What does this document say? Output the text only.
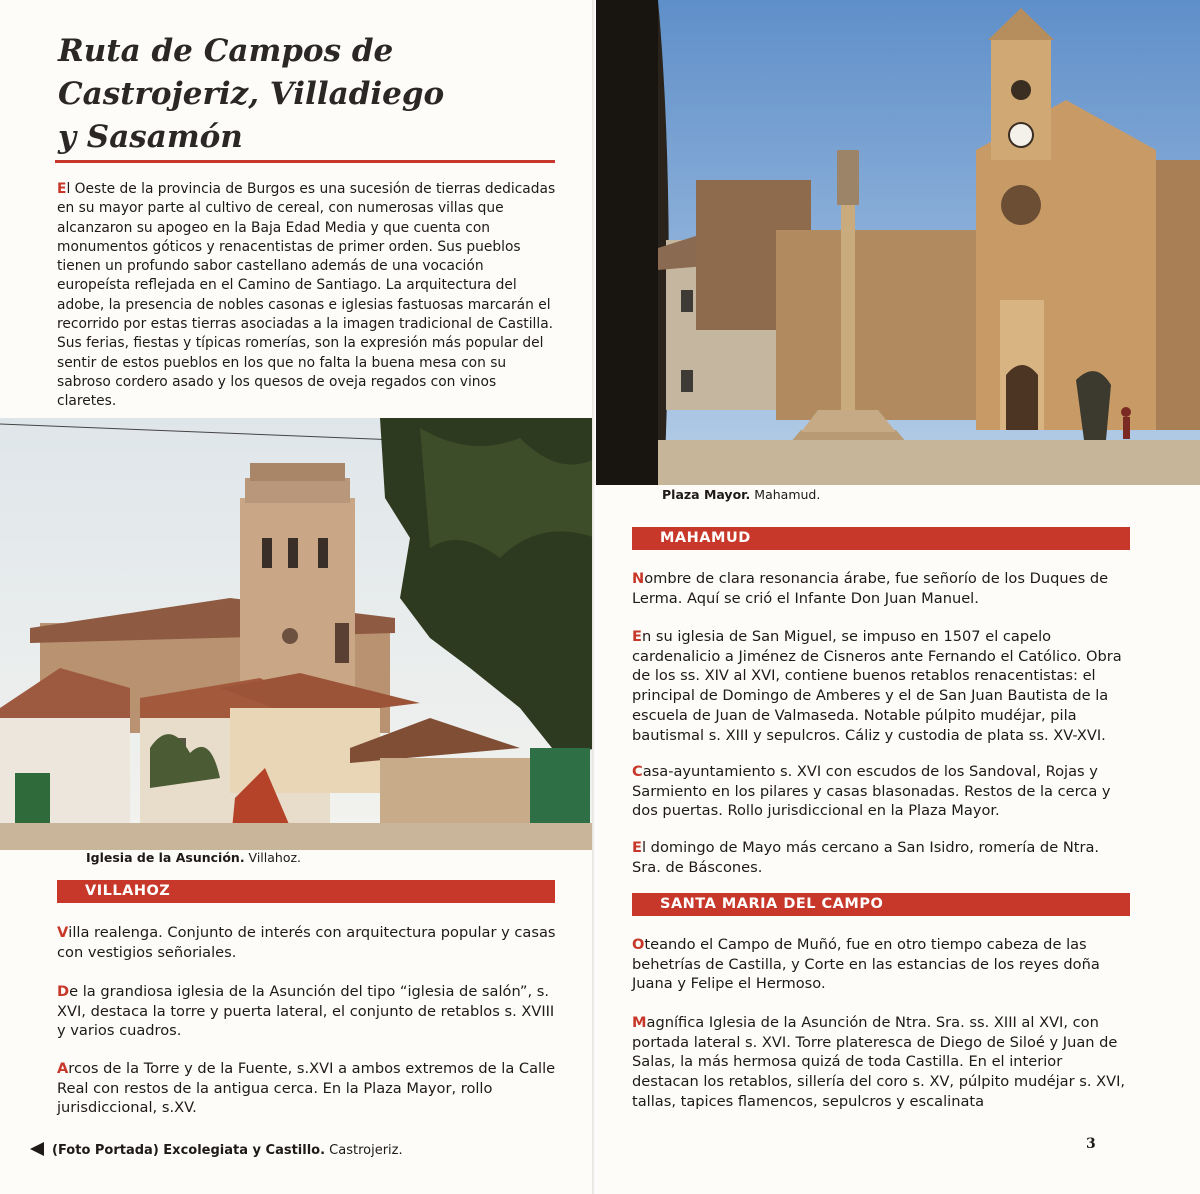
Ruta de Campos de
Castrojeriz, Villadiego
y Sasamón

El Oeste de la provincia de Burgos es una sucesión de tierras dedicadas en su mayor parte al cultivo de cereal, con numerosas villas que alcanzaron su apogeo en la Baja Edad Media y que cuenta con monumentos góticos y renacentistas de primer orden. Sus pueblos tienen un profundo sabor castellano además de una vocación europeísta reflejada en el Camino de Santiago. La arquitectura del adobe, la presencia de nobles casonas e iglesias fastuosas marcarán el recorrido por estas tierras asociadas a la imagen tradicional de Castilla. Sus ferias, fiestas y típicas romerías, son la expresión más popular del sentir de estos pueblos en los que no falta la buena mesa con su sabroso cordero asado y los quesos de oveja regados con vinos claretes.

Iglesia de la Asunción. Villahoz.
VILLAHOZ

Villa realenga. Conjunto de interés con arquitectura popular y casas con vestigios señoriales.

De la grandiosa iglesia de la Asunción del tipo “iglesia de salón”, s. XVI, destaca la torre y puerta lateral, el conjunto de retablos s. XVIII y varios cuadros.

Arcos de la Torre y de la Fuente, s.XVI a ambos extremos de la Calle Real con restos de la antigua cerca. En la Plaza Mayor, rollo jurisdiccional, s.XV.

(Foto Portada) Excolegiata y Castillo. Castrojeriz.
Plaza Mayor. Mahamud.
MAHAMUD

Nombre de clara resonancia árabe, fue señorío de los Duques de Lerma. Aquí se crió el Infante Don Juan Manuel.

En su iglesia de San Miguel, se impuso en 1507 el capelo cardenalicio a Jiménez de Cisneros ante Fernando el Católico. Obra de los ss. XIV al XVI, contiene buenos retablos renacentistas: el principal de Domingo de Amberes y el de San Juan Bautista de la escuela de Juan de Valmaseda. Notable púlpito mudéjar, pila bautismal s. XIII y sepulcros. Cáliz y custodia de plata ss. XV-XVI.

Casa-ayuntamiento s. XVI con escudos de los Sandoval, Rojas y Sarmiento en los pilares y casas blasonadas. Restos de la cerca y dos puertas. Rollo jurisdiccional en la Plaza Mayor.

El domingo de Mayo más cercano a San Isidro, romería de Ntra. Sra. de Báscones.

SANTA MARIA DEL CAMPO

Oteando el Campo de Muñó, fue en otro tiempo cabeza de las behetrías de Castilla, y Corte en las estancias de los reyes doña Juana y Felipe el Hermoso.

Magnífica Iglesia de la Asunción de Ntra. Sra. ss. XIII al XVI, con portada lateral s. XVI. Torre plateresca de Diego de Siloé y Juan de Salas, la más hermosa quizá de toda Castilla. En el interior destacan los retablos, sillería del coro s. XV, púlpito mudéjar s. XVI, tallas, tapices flamencos, sepulcros y escalinata

3
